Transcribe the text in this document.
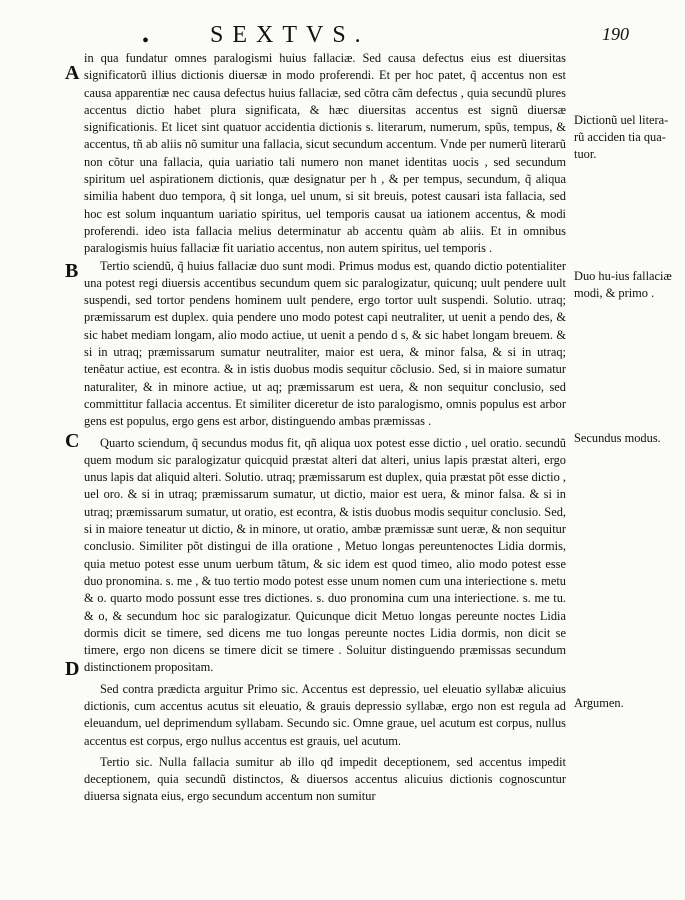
•	SEXTVS.	190
A
B
C
D

in qua fundatur omnes paralogismi huius fallaciæ. Sed causa defectus eius est diuersitas significatorũ illius dictionis diuersæ in modo proferendi. Et per hoc patet, q̃ accentus non est causa apparentiæ nec causa defectus huius fallaciæ, sed cõtra cãm defectus , quia secundũ plures accentus dictio habet plura significata, & hæc diuersitas accentus est signũ diuersæ significationis. Et licet sint quatuor accidentia dictionis s. literarum, numerum, spũs, tempus, & accentus, tñ ab aliis nõ sumitur una fallacia, sicut secundum accentum. Vnde per numerũ literarũ non cõtur una fallacia, quia uariatio tali numero non manet identitas uocis , sed secundum spiritum uel aspirationem dictionis, quæ designatur per h , & per tempus, secundum, q̃ aliqua similia habent duo tempora, q̃ sit longa, uel unum, si sit breuis, potest causari ista fallacia, sed hoc est solum inquantum uariatio spiritus, uel temporis causat ua iationem accentus, & modi proferendi. ideo ista fallacia melius determinatur ab accentu quàm ab aliis. Et in omnibus paralogismis huius fallaciæ fit uariatio accentus, non autem spiritus, uel temporis .

Tertio sciendũ, q̃ huius fallaciæ duo sunt modi. Primus modus est, quando dictio potentialiter una potest regi diuersis accentibus secundum quem sic paralogizatur, quicunq; uult pendere uult suspendi, sed tortor pendens hominem uult pendere, ergo tortor uult suspendi. Solutio. utraq; præmissarum est duplex. quia pendere uno modo potest capi neutraliter, ut uenit a pendo des, & sic habet mediam longam, alio modo actiue, ut uenit a pendo d s, & sic habet longam breuem. & si in utraq; præmissarum sumatur neutraliter, maior est uera, & minor falsa, & si in utraq; tenẽatur actiue, est econtra. & in istis duobus modis sequitur cõclusio. Sed, si in maiore sumatur naturaliter, & in minore actiue, ut aq; præmissarum est uera, & non sequitur conclusio, sed committitur fallacia accentus. Et similiter diceretur de isto paralogismo, omnis populus est arbor gens est populus, ergo gens est arbor, distinguendo ambas præmissas .

Quarto sciendum, q̃ secundus modus fit, qñ aliqua uox potest esse dictio , uel oratio. secundũ quem modum sic paralogizatur quicquid præstat alteri dat alteri, unius lapis præstat alteri, ergo unus lapis dat aliquid alteri. Solutio. utraq; præmissarum est duplex, quia præstat põt esse dictio , uel oro. & si in utraq; præmissarum sumatur, ut dictio, maior est uera, & minor falsa. & si in utraq; præmissarum sumatur, ut oratio, est econtra, & istis duobus modis sequitur conclusio. Sed, si in maiore teneatur ut dictio, & in minore, ut oratio, ambæ præmissæ sunt ueræ, & non sequitur conclusio. Similiter põt distingui de illa oratione , Metuo longas pereuntenoctes Lidia dormis, quia metuo potest esse unum uerbum tãtum, & sic idem est quod timeo, alio modo potest esse duo pronomina. s. me , & tuo tertio modo potest esse unum nomen cum una interiectione s. metu & o. quarto modo possunt esse tres dictiones. s. duo pronomina cum una interiectione. s. me tu. & o, & secundum hoc sic paralogizatur. Quicunque dicit Metuo longas pereunte noctes Lidia dormis dicit se timere, sed dicens me tuo longas pereunte noctes Lidia dormis, non dicit se timere, ergo non dicens se timere dicit se timere . Soluitur distinguendo præmissas secundum distinctionem propositam.

Sed contra prædicta arguitur Primo sic. Accentus est depressio, uel eleuatio syllabæ alicuius dictionis, cum accentus acutus sit eleuatio, & grauis depressio syllabæ, ergo non est regula ad eleuandum, uel deprimendum syllabam. Secundo sic. Omne graue, uel acutum est corpus, nullus accentus est corpus, ergo nullus accentus est grauis, uel acutum.

Tertio sic. Nulla fallacia sumitur ab illo qđ impedit deceptionem, sed accentus impedit deceptionem, quia secundũ distinctos, & diuersos accentus alicuius dictionis cognoscuntur diuersa signata eius, ergo secundum accentum non sumitur

Dictionũ uel litera-rũ acciden tia qua-tuor.
Duo hu-ius fallaciæ modi, & primo .
Secundus modus.
Argumen.
